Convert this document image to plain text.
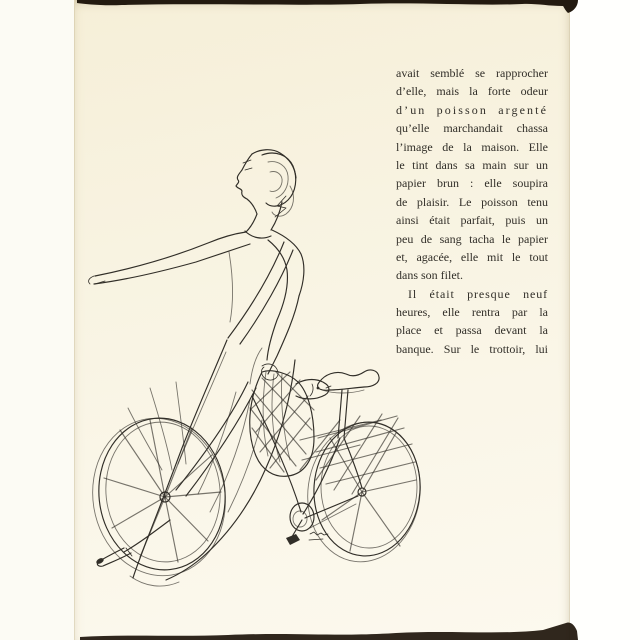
avait semblé se rapprocher
d’elle, mais la forte odeur
d’un poisson argenté
qu’elle marchandait chassa
l’image de la maison. Elle
le tint dans sa main sur un
papier brun : elle soupira
de plaisir. Le poisson tenu
ainsi était parfait, puis un
peu de sang tacha le papier
et, agacée, elle mit le tout
dans son filet.
Il était presque neuf
heures, elle rentra par la
place et passa devant la
banque. Sur le trottoir, lui
